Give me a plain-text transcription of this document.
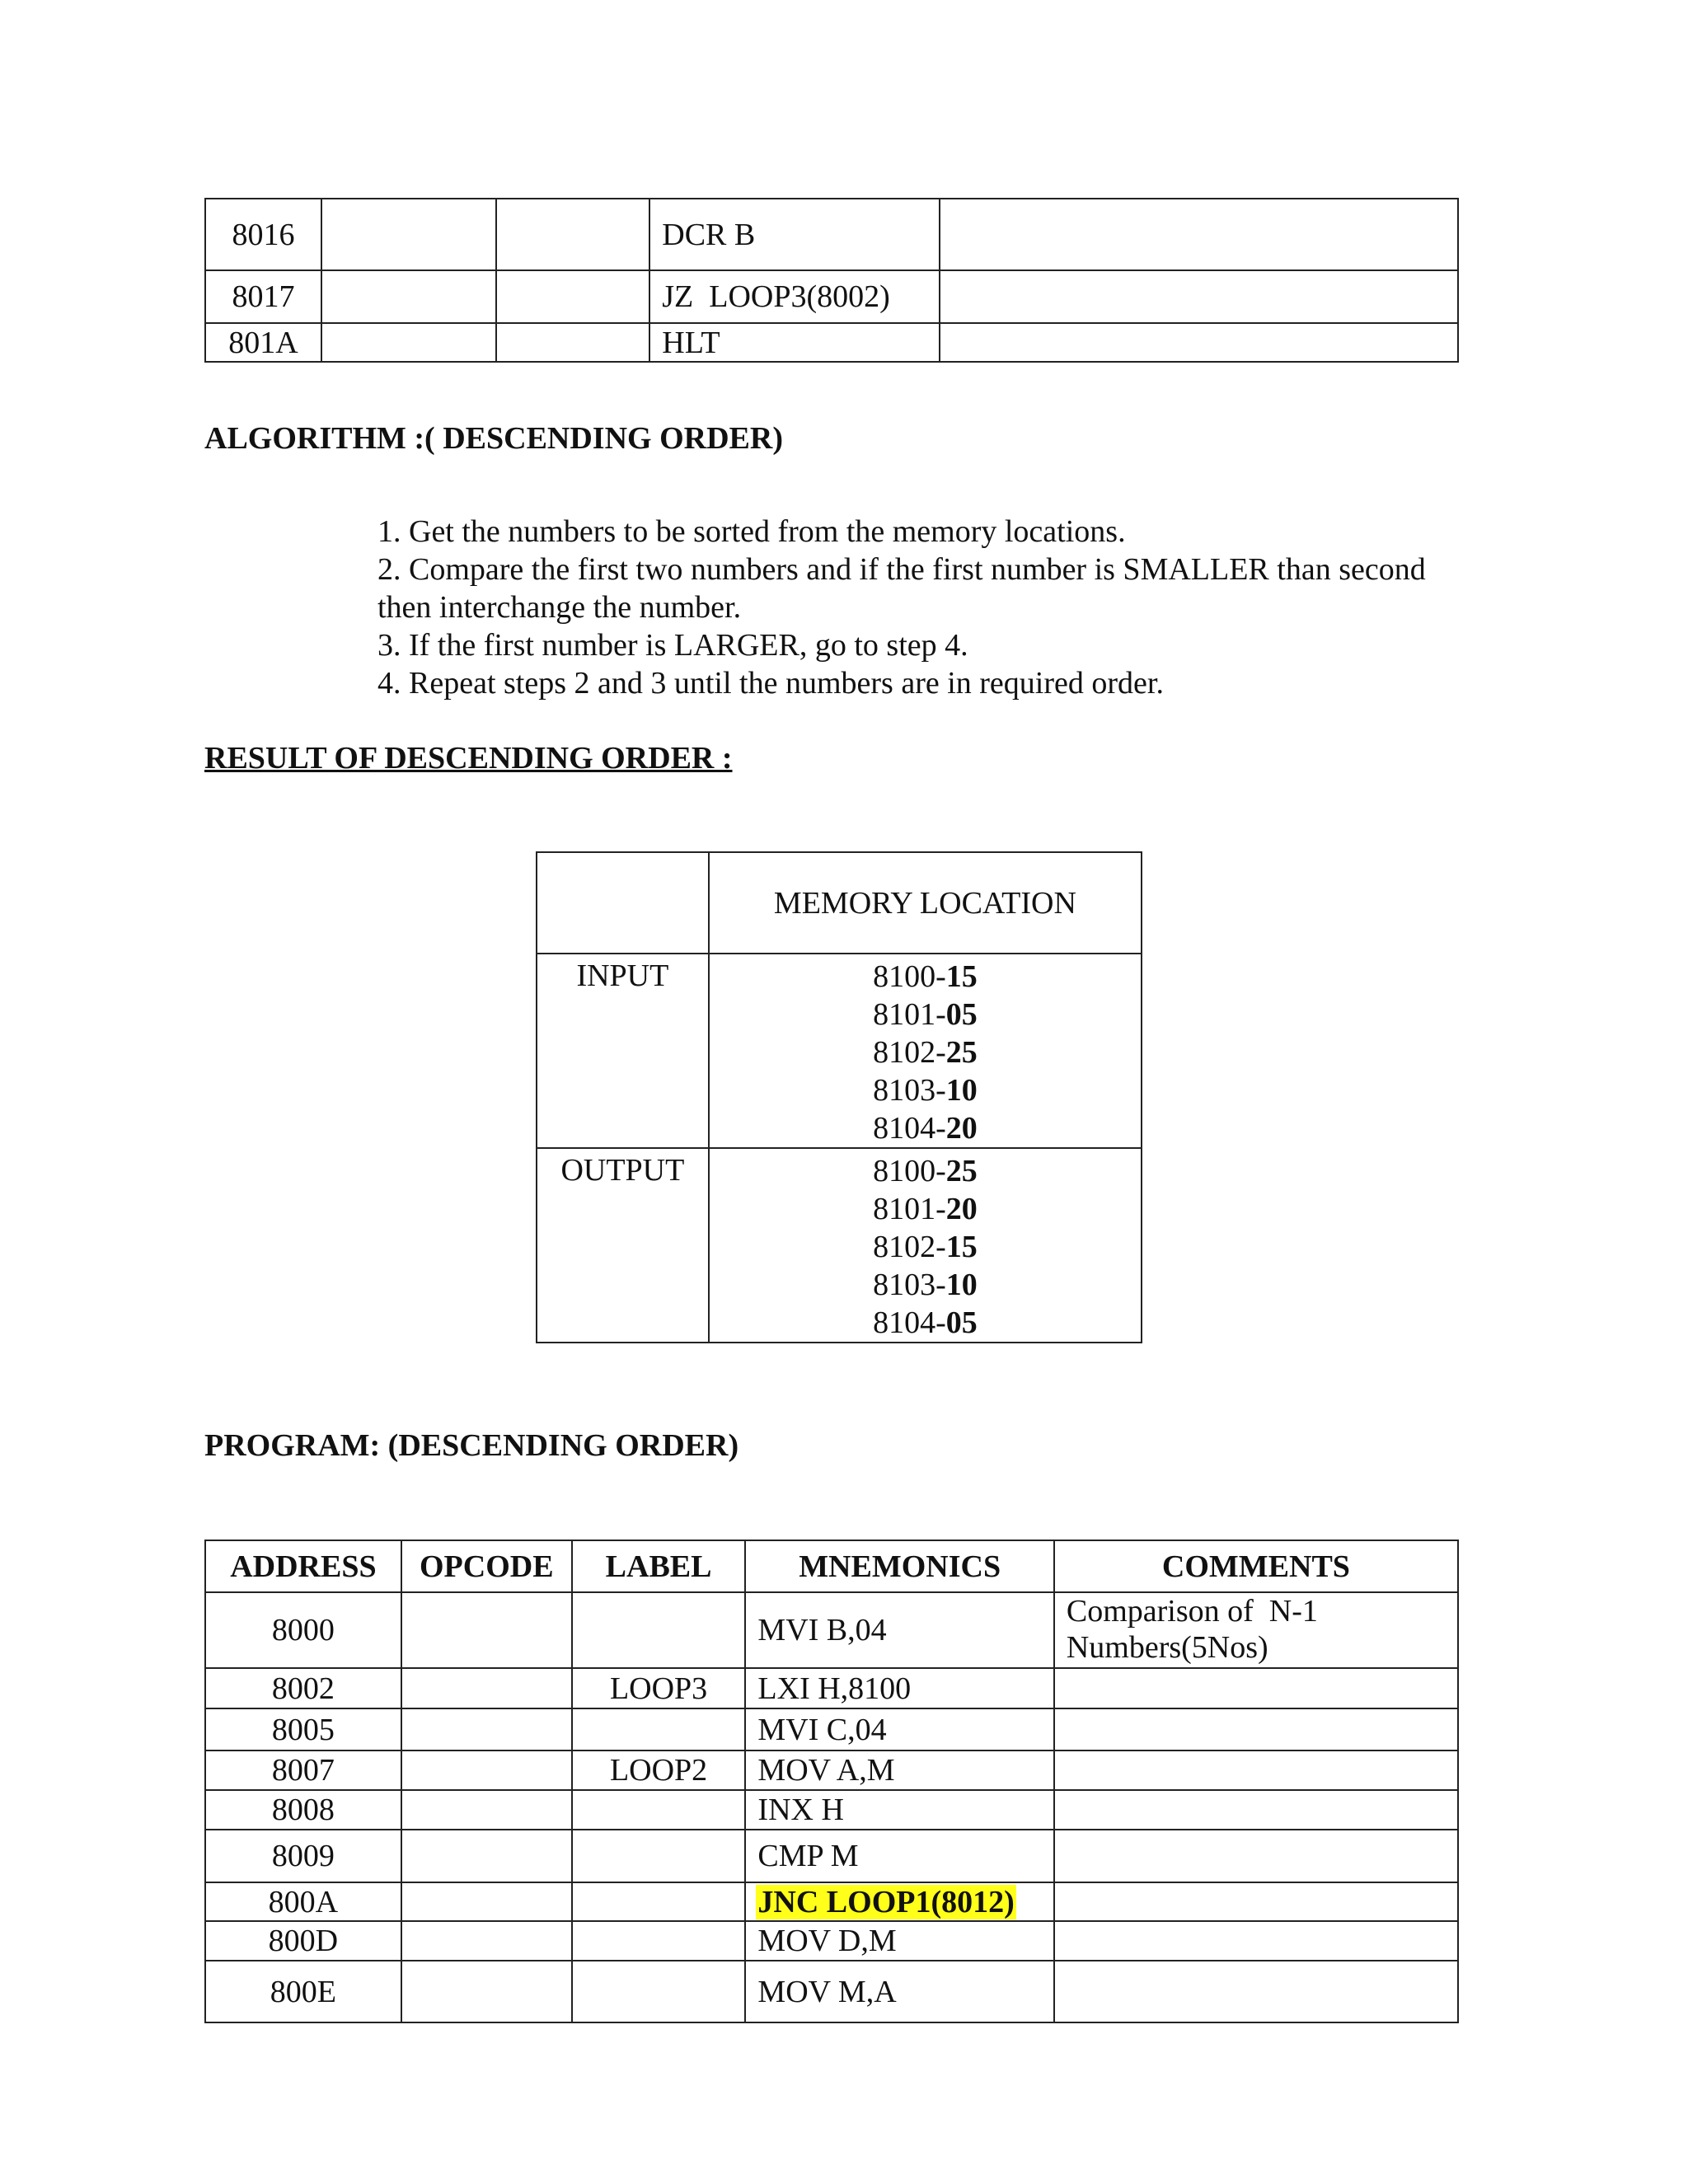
8016			DCR B	
8017			JZ  LOOP3(8002)	
801A			HLT	
ALGORITHM :( DESCENDING ORDER)
1. Get the numbers to be sorted from the memory locations.
2. Compare the first two numbers and if the first number is SMALLER than second
then interchange the number.
3. If the first number is LARGER, go to step 4.
4. Repeat steps 2 and 3 until the numbers are in required order.
RESULT OF DESCENDING ORDER :
	MEMORY LOCATION
INPUT	8100-15
8101-05
8102-25
8103-10
8104-20

OUTPUT	8100-25
8101-20
8102-15
8103-10
8104-05
PROGRAM: (DESCENDING ORDER)
ADDRESS	OPCODE	LABEL	MNEMONICS	COMMENTS
8000			MVI B,04	Comparison of  N-1
Numbers(5Nos)

8002		LOOP3	LXI H,8100	
8005			MVI C,04	
8007		LOOP2	MOV A,M	
8008			INX H	
8009			CMP M	
800A			JNC LOOP1(8012)	
800D			MOV D,M	
800E			MOV M,A	
